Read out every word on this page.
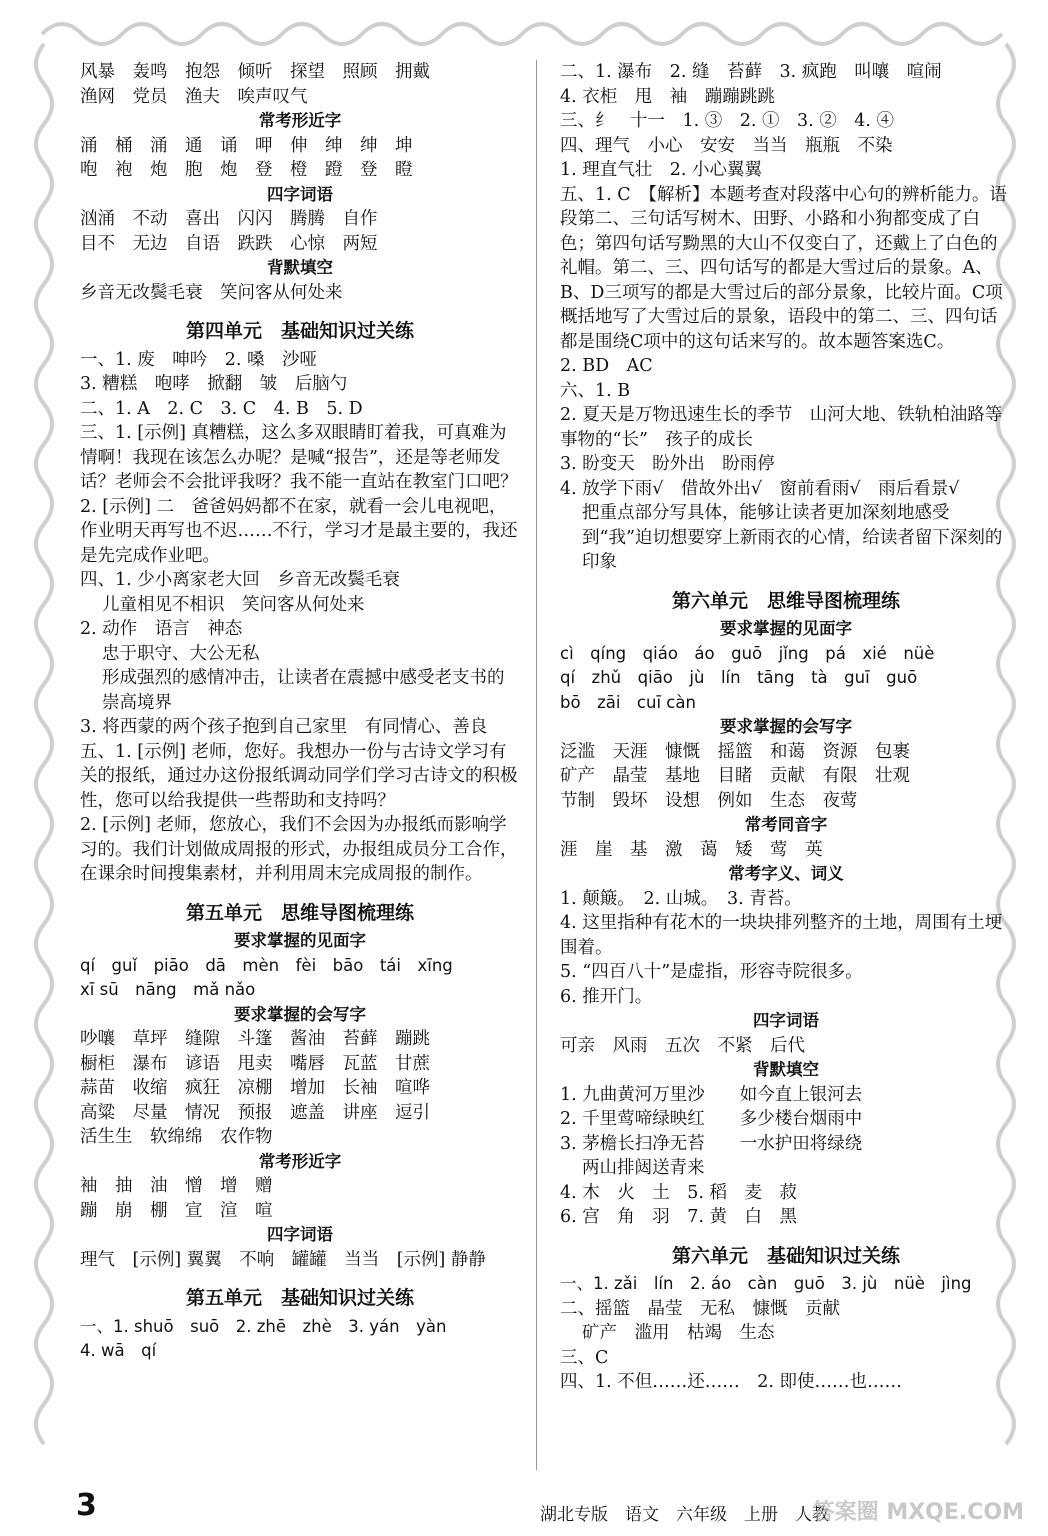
风暴　轰鸣　抱怨　倾听　探望　照顾　拥戴
渔网　党员　渔夫　唉声叹气
常考形近字
涌　桶　涌　通　诵　呷　伸　绅　绅　坤
咆　袍　炮　胞　炮　登　橙　蹬　登　瞪
四字词语
汹涌　不动　喜出　闪闪　腾腾　自作
目不　无边　自语　跌跌　心惊　两短
背默填空
乡音无改鬓毛衰　笑问客从何处来
第四单元　基础知识过关练
一、1. 废　呻吟　2. 嗓　沙哑
3. 糟糕　咆哮　掀翻　皱　后脑勺
二、1. A　2. C　3. C　4. B　5. D
三、1. [示例] 真糟糕，这么多双眼睛盯着我，可真难为情啊！我现在该怎么办呢？是喊“报告”，还是等老师发话？老师会不会批评我呀？我不能一直站在教室门口吧？
2. [示例] 二　爸爸妈妈都不在家，就看一会儿电视吧，作业明天再写也不迟……不行，学习才是最主要的，我还是先完成作业吧。
四、1. 少小离家老大回　乡音无改鬓毛衰
儿童相见不相识　笑问客从何处来
2. 动作　语言　神态
忠于职守、大公无私
形成强烈的感情冲击，让读者在震撼中感受老支书的崇高境界
3. 将西蒙的两个孩子抱到自己家里　有同情心、善良
五、1. [示例] 老师，您好。我想办一份与古诗文学习有关的报纸，通过办这份报纸调动同学们学习古诗文的积极性，您可以给我提供一些帮助和支持吗？
2. [示例] 老师，您放心，我们不会因为办报纸而影响学习的。我们计划做成周报的形式，办报组成员分工合作，在课余时间搜集素材，并利用周末完成周报的制作。
第五单元　思维导图梳理练
要求掌握的见面字
qí　guǐ　piāo　dā　mèn　fèi　bāo　tái　xīng
xī sū　nāng　mǎ nǎo
要求掌握的会写字
吵嚷　草坪　缝隙　斗篷　酱油　苔藓　蹦跳
橱柜　瀑布　谚语　甩卖　嘴唇　瓦蓝　甘蔗
蒜苗　收缩　疯狂　凉棚　增加　长袖　喧哗
高粱　尽量　情况　预报　遮盖　讲座　逗引
活生生　软绵绵　农作物
常考形近字
袖　抽　油　憎　增　赠
蹦　崩　棚　宣　渲　喧
四字词语
理气　[示例] 翼翼　不响　罐罐　当当　[示例] 静静
第五单元　基础知识过关练
一、1. shuō　suō　2. zhē　zhè　3. yán　yàn
4. wā　qí
二、1. 瀑布　2. 缝　苔藓　3. 疯跑　叫嚷　喧闹
4. 衣柜　甩　袖　蹦蹦跳跳
三、纟　十一　1. ③　2. ①　3. ②　4. ④
四、理气　小心　安安　当当　瓶瓶　不染
1. 理直气壮　2. 小心翼翼
五、1. C　【解析】本题考查对段落中心句的辨析能力。语段第二、三句话写树木、田野、小路和小狗都变成了白色；第四句话写黝黑的大山不仅变白了，还戴上了白色的礼帽。第二、三、四句话写的都是大雪过后的景象。A、B、D三项写的都是大雪过后的部分景象，比较片面。C项概括地写了大雪过后的景象，语段中的第二、三、四句话都是围绕C项中的这句话来写的。故本题答案选C。
2. BD　AC
六、1. B
2. 夏天是万物迅速生长的季节　山河大地、铁轨柏油路等事物的“长”　孩子的成长
3. 盼变天　盼外出　盼雨停
4. 放学下雨√　借故外出√　窗前看雨√　雨后看景√
把重点部分写具体，能够让读者更加深刻地感受到“我”迫切想要穿上新雨衣的心情，给读者留下深刻的印象
第六单元　思维导图梳理练
要求掌握的见面字
cì　qíng　qiáo　áo　guō　jǐng　pá　xié　nüè
qí　zhǔ　qiāo　jù　lín　tāng　tà　guī　guō
bō　zāi　cuī càn
要求掌握的会写字
泛滥　天涯　慷慨　摇篮　和蔼　资源　包裹
矿产　晶莹　基地　目睹　贡献　有限　壮观
节制　毁坏　设想　例如　生态　夜莺
常考同音字
涯　崖　基　激　蔼　矮　莺　英
常考字义、词义
1. 颠簸。　2. 山城。　3. 青苔。
4. 这里指种有花木的一块块排列整齐的土地，周围有土埂围着。
5. “四百八十”是虚指，形容寺院很多。
6. 推开门。
四字词语
可亲　风雨　五次　不紧　后代
背默填空
1. 九曲黄河万里沙　　如今直上银河去
2. 千里莺啼绿映红　　多少楼台烟雨中
3. 茅檐长扫净无苔　　一水护田将绿绕
两山排闼送青来
4. 木　火　土　5. 稻　麦　菽
6. 宫　角　羽　7. 黄　白　黑
第六单元　基础知识过关练
一、1. zǎi　lín　2. áo　càn　guō　3. jù　nüè　jìng
二、摇篮　晶莹　无私　慷慨　贡献
矿产　滥用　枯竭　生态
三、C
四、1. 不但……还……　2. 即使……也……
3	湖北专版　语文　六年级　上册　人教
答案圈 MXQE.COM
